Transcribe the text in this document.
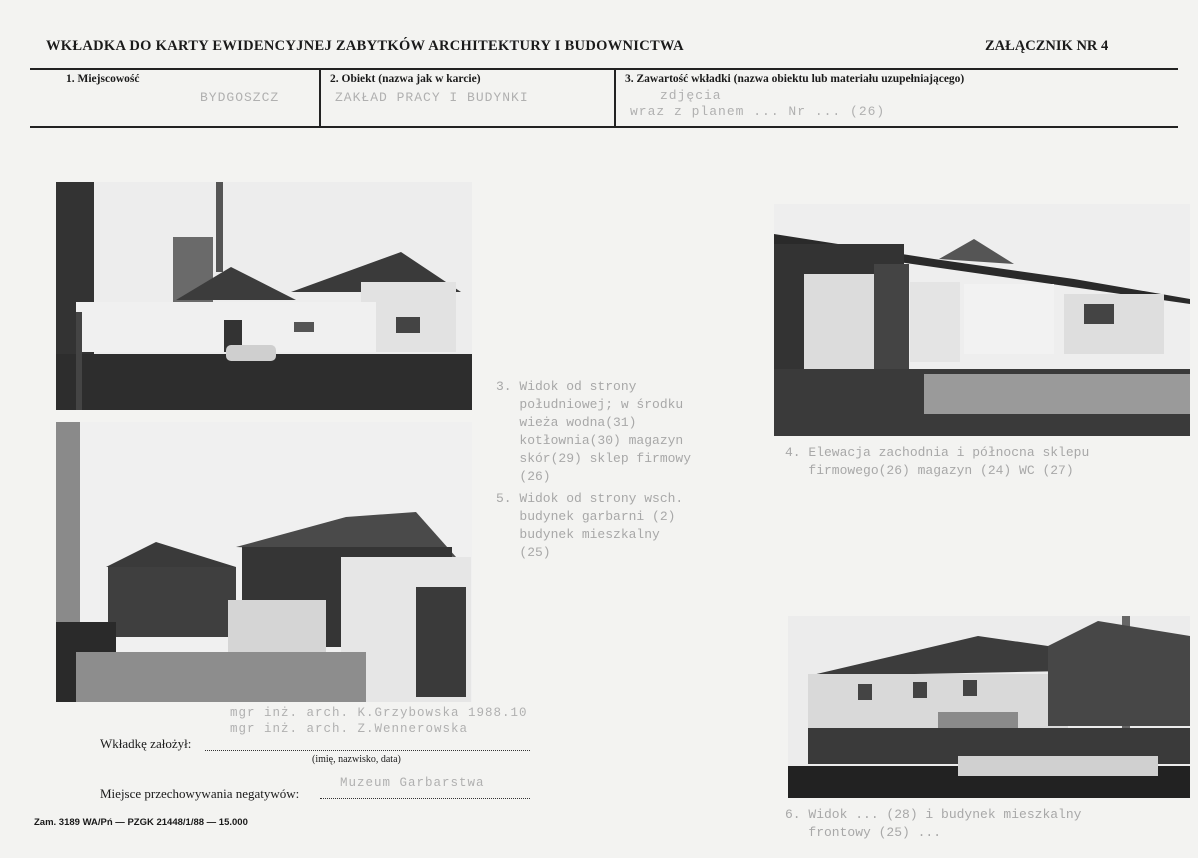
WKŁADKA DO KARTY EWIDENCYJNEJ ZABYTKÓW ARCHITEKTURY I BUDOWNICTWA	ZAŁĄCZNIK NR 4
1. Miejscowość
BYDGOSZCZ
2. Obiekt (nazwa jak w karcie)
ZAKŁAD PRACY I BUDYNKI
3. Zawartość wkładki (nazwa obiektu lub materiału uzupełniającego)
zdjęcia
wraz z planem ... Nr ... (26)
3. Widok od strony
południowej; w środku
wieża wodna(31)
kotłownia(30) magazyn
skór(29) sklep firmowy
(26)
5. Widok od strony wsch.
budynek garbarni (2)
budynek mieszkalny
(25)
4. Elewacja zachodnia i północna sklepu
firmowego(26) magazyn (24) WC (27)
6. Widok ... (28) i budynek mieszkalny
frontowy (25) ...
mgr inż. arch. K.Grzybowska 1988.10
mgr inż. arch. Z.Wennerowska
Wkładkę założył:
(imię, nazwisko, data)
Muzeum Garbarstwa
Miejsce przechowywania negatywów:
Zam. 3189 WA/Pń — PZGK 21448/1/88 — 15.000
